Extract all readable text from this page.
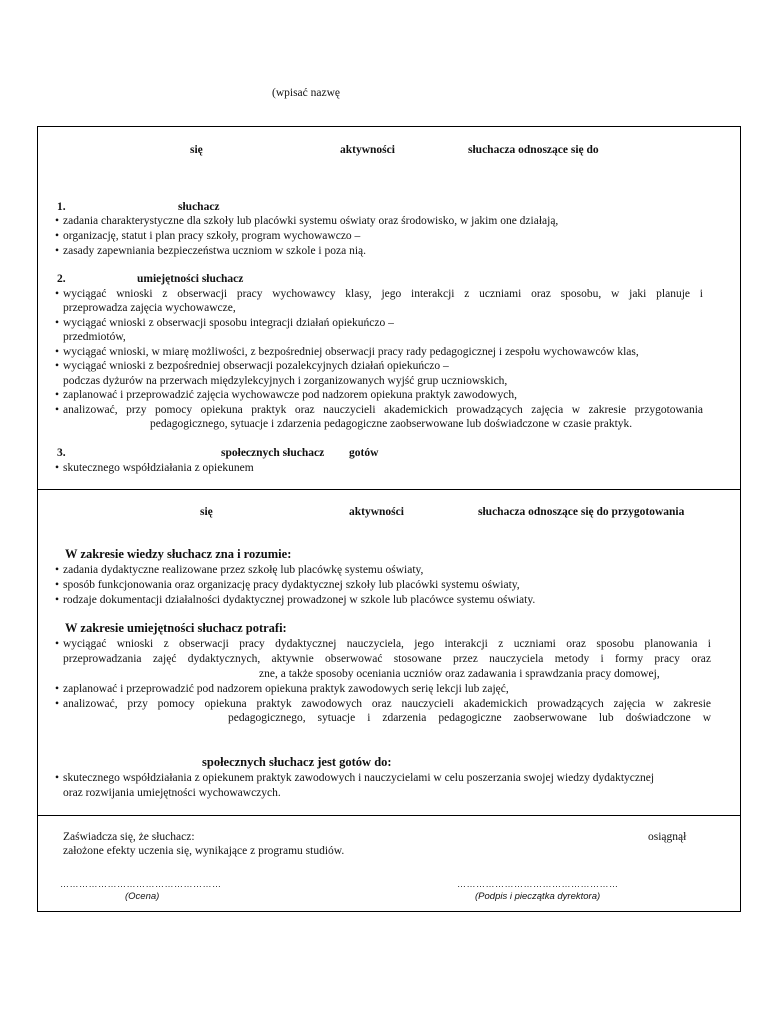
(wpisać nazwę
się	aktywności	słuchacza odnoszące się do
1.	słuchacz
• zadania charakterystyczne dla szkoły lub placówki systemu oświaty oraz środowisko, w jakim one działają,
• organizację, statut i plan pracy szkoły, program wychowawczo –
• zasady zapewniania bezpieczeństwa uczniom w szkole i poza nią.
2.	umiejętności słuchacz
• wyciągać wnioski z obserwacji pracy wychowawcy klasy, jego interakcji z uczniami oraz sposobu, w jaki planuje i
przeprowadza zajęcia wychowawcze,
• wyciągać wnioski z obserwacji sposobu integracji działań opiekuńczo –
przedmiotów,
• wyciągać wnioski, w miarę możliwości, z bezpośredniej obserwacji pracy rady pedagogicznej i zespołu wychowawców klas,
• wyciągać wnioski z bezpośredniej obserwacji pozalekcyjnych działań opiekuńczo –
podczas dyżurów na przerwach międzylekcyjnych i zorganizowanych wyjść grup uczniowskich,
• zaplanować i przeprowadzić zajęcia wychowawcze pod nadzorem opiekuna praktyk zawodowych,
• analizować, przy pomocy opiekuna praktyk oraz nauczycieli akademickich prowadzących zajęcia w zakresie przygotowania
pedagogicznego, sytuacje i zdarzenia pedagogiczne zaobserwowane lub doświadczone w czasie praktyk.
3.	społecznych słuchacz gotów
• skutecznego współdziałania z opiekunem
się	aktywności	słuchacza odnoszące się do przygotowania
W zakresie wiedzy słuchacz zna i rozumie:
• zadania dydaktyczne realizowane przez szkołę lub placówkę systemu oświaty,
• sposób funkcjonowania oraz organizację pracy dydaktycznej szkoły lub placówki systemu oświaty,
• rodzaje dokumentacji działalności dydaktycznej prowadzonej w szkole lub placówce systemu oświaty.
W zakresie umiejętności słuchacz potrafi:
• wyciągać wnioski z obserwacji pracy dydaktycznej nauczyciela, jego interakcji z uczniami oraz sposobu planowania i
przeprowadzania zajęć dydaktycznych, aktywnie obserwować stosowane przez nauczyciela metody i formy pracy oraz
zne, a także sposoby oceniania uczniów oraz zadawania i sprawdzania pracy domowej,
• zaplanować i przeprowadzić pod nadzorem opiekuna praktyk zawodowych serię lekcji lub zajęć,
• analizować, przy pomocy opiekuna praktyk zawodowych oraz nauczycieli akademickich prowadzących zajęcia w zakresie
pedagogicznego, sytuacje i zdarzenia pedagogiczne zaobserwowane lub doświadczone w
społecznych słuchacz jest gotów do:
• skutecznego współdziałania z opiekunem praktyk zawodowych i nauczycielami w celu poszerzania swojej wiedzy dydaktycznej
oraz rozwijania umiejętności wychowawczych.
Zaświadcza się, że słuchacz:	osiągnął
założone efekty uczenia się, wynikające z programu studiów.
……………………………………………	……………………………………………
(Ocena)	(Podpis i pieczątka dyrektora)
